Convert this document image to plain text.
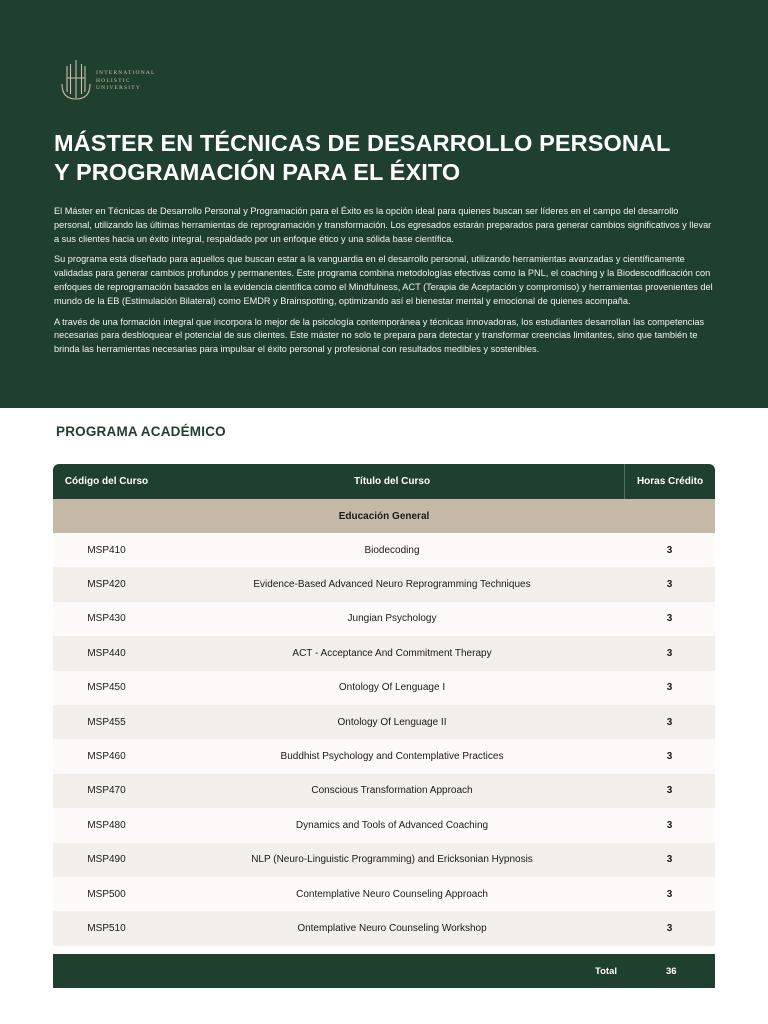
INTERNATIONAL
HOLISTIC
UNIVERSITY
MÁSTER EN TÉCNICAS DE DESARROLLO PERSONAL
Y PROGRAMACIÓN PARA EL ÉXITO

El Máster en Técnicas de Desarrollo Personal y Programación para el Éxito es la opción ideal para quienes buscan ser líderes en el campo del desarrollo personal, utilizando las últimas herramientas de reprogramación y transformación. Los egresados estarán preparados para generar cambios significativos y llevar a sus clientes hacia un éxito integral, respaldado por un enfoque ético y una sólida base científica.

Su programa está diseñado para aquellos que buscan estar a la vanguardia en el desarrollo personal, utilizando herramientas avanzadas y científicamente validadas para generar cambios profundos y permanentes. Este programa combina metodologías efectivas como la PNL, el coaching y la Biodescodificación con enfoques de reprogramación basados en la evidencia científica como el Mindfulness, ACT (Terapia de Aceptación y compromiso) y herramientas provenientes del mundo de la EB (Estimulación Bilateral) como EMDR y Brainspotting, optimizando así el bienestar mental y emocional de quienes acompaña.

A través de una formación integral que incorpora lo mejor de la psicología contemporánea y técnicas innovadoras, los estudiantes desarrollan las competencias necesarias para desbloquear el potencial de sus clientes. Este máster no solo te prepara para detectar y transformar creencias limitantes, sino que también te brinda las herramientas necesarias para impulsar el éxito personal y profesional con resultados medibles y sostenibles.

PROGRAMA ACADÉMICO
Código del Curso	Título del Curso	Horas Crédito
Educación General
MSP410	Biodecoding	3
MSP420	Evidence-Based Advanced Neuro Reprogramming Techniques	3
MSP430	Jungian Psychology	3
MSP440	ACT - Acceptance And Commitment Therapy	3
MSP450	Ontology Of Lenguage I	3
MSP455	Ontology Of Lenguage II	3
MSP460	Buddhist Psychology and Contemplative Practices	3
MSP470	Conscious Transformation Approach	3
MSP480	Dynamics and Tools of Advanced Coaching	3
MSP490	NLP (Neuro-Linguistic Programming) and Ericksonian Hypnosis	3
MSP500	Contemplative Neuro Counseling Approach	3
MSP510	Ontemplative Neuro Counseling Workshop	3
Total	36
